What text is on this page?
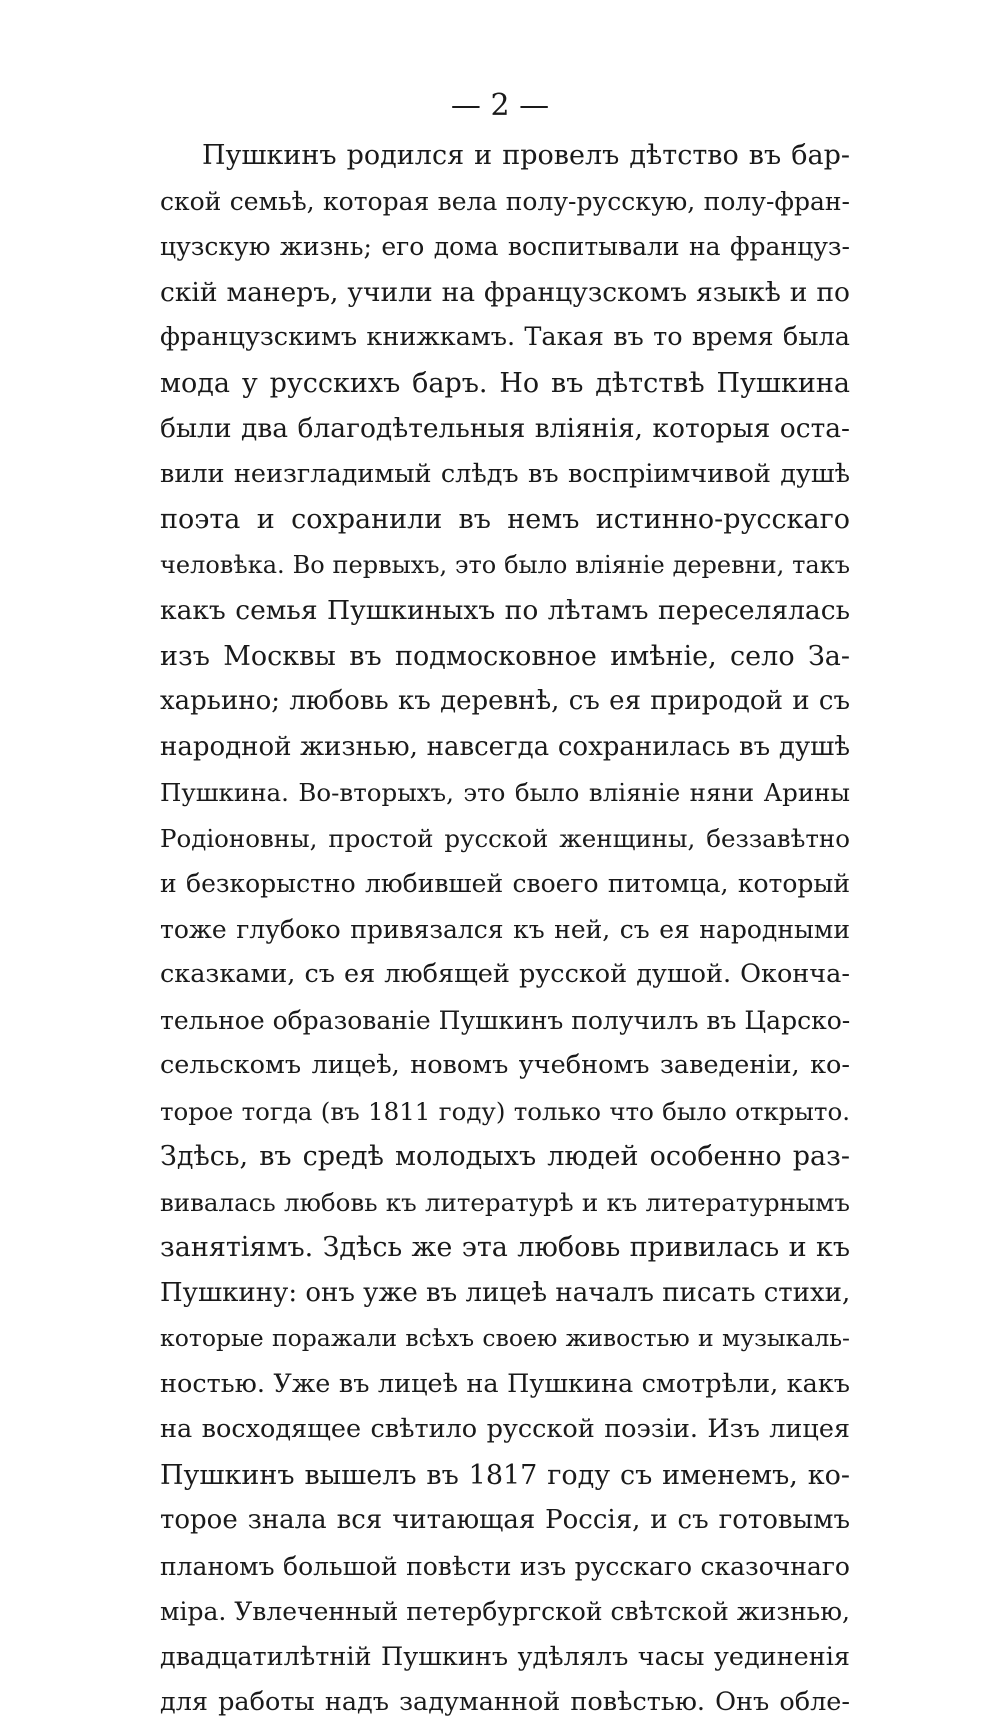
— 2 —
Пушкинъ родился и провелъ дѣтство въ бар-
ской семьѣ, которая вела полу-русскую, полу-фран-
цузскую жизнь; его дома воспитывали на француз-
скій манеръ, учили на французскомъ языкѣ и по
французскимъ книжкамъ. Такая въ то время была
мода у русскихъ баръ. Но въ дѣтствѣ Пушкина
были два благодѣтельныя вліянія, которыя оста-
вили неизгладимый слѣдъ въ воспріимчивой душѣ
поэта и сохранили въ немъ истинно-русскаго
человѣка. Во первыхъ, это было вліяніе деревни, такъ
какъ семья Пушкиныхъ по лѣтамъ переселялась
изъ Москвы въ подмосковное имѣніе, село За-
харьино; любовь къ деревнѣ, съ ея природой и съ
народной жизнью, навсегда сохранилась въ душѣ
Пушкина. Во-вторыхъ, это было вліяніе няни Арины
Родіоновны, простой русской женщины, беззавѣтно
и безкорыстно любившей своего питомца, который
тоже глубоко привязался къ ней, съ ея народными
сказками, съ ея любящей русской душой. Оконча-
тельное образованіе Пушкинъ получилъ въ Царско-
сельскомъ лицеѣ, новомъ учебномъ заведеніи, ко-
торое тогда (въ 1811 году) только что было открыто.
Здѣсь, въ средѣ молодыхъ людей особенно раз-
вивалась любовь къ литературѣ и къ литературнымъ
занятіямъ. Здѣсь же эта любовь привилась и къ
Пушкину: онъ уже въ лицеѣ началъ писать стихи,
которые поражали всѣхъ своею живостью и музыкаль-
ностью. Уже въ лицеѣ на Пушкина смотрѣли, какъ
на восходящее свѣтило русской поэзіи. Изъ лицея
Пушкинъ вышелъ въ 1817 году съ именемъ, ко-
торое знала вся читающая Россія, и съ готовымъ
планомъ большой повѣсти изъ русскаго сказочнаго
міра. Увлеченный петербургской свѣтской жизнью,
двадцатилѣтній Пушкинъ удѣлялъ часы уединенія
для работы надъ задуманной повѣстью. Онъ обле-
